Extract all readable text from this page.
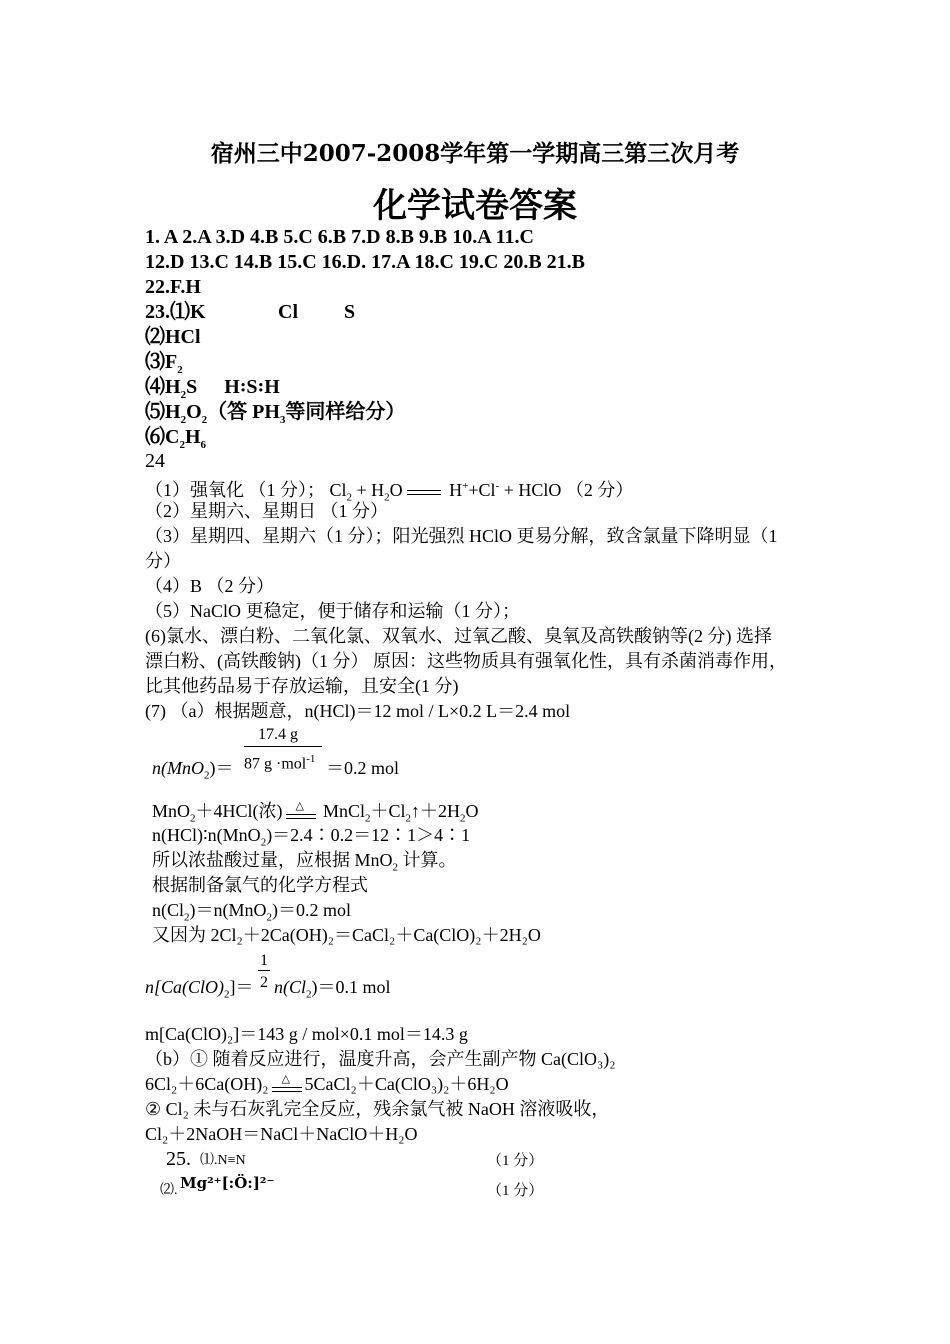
宿州三中2007-2008学年第一学期高三第三次月考
化学试卷答案
1. A 2.A 3.D 4.B 5.C 6.B 7.D 8.B 9.B 10.A 11.C
12.D 13.C 14.B 15.C 16.D. 17.A 18.C 19.C 20.B 21.B
22.F.H
23.⑴K	Cl S
⑵HCl
$⑶F_2$
$⑷H_2S$ H꞉S꞉H
$⑸H_2O_2$（答 $PH_3$等同样给分）
$⑹C_2H_6$
24
（1）强氧化 （1 分）； $Cl_2 + H_2O$ H++Cl- + HClO （2 分）
（2）星期六、星期日 （1 分）
（3）星期四、星期六（1 分）；阳光强烈 HClO 更易分解，致含氯量下降明显（1
分）
（4）B （2 分）
（5）NaClO 更稳定，便于储存和运输（1 分）；
(6)氯水、漂白粉、二氧化氯、双氧水、过氧乙酸、臭氧及高铁酸钠等(2 分) 选择
漂白粉、(高铁酸钠)（1 分） 原因：这些物质具有强氧化性，具有杀菌消毒作用，
比其他药品易于存放运输，且安全(1 分)
(7) （a）根据题意，n(HCl)＝12 mol / L×0.2 L＝2.4 mol
17.4 g
87 g ·mol$^{-1}$
n(MnO$_2$)＝	＝0.2 mol
MnO$_2$＋4HCl(浓) △ $MnCl_2+Cl_2↑+2H_2O$
n(HCl)∶n(MnO$_2$)＝2.4∶0.2＝12∶1＞4∶1
所以浓盐酸过量，应根据 MnO$_2$ 计算。
根据制备氯气的化学方程式
$n(Cl_2)=n(MnO_2)=0.2$ mol
又因为 2Cl₂＋2Ca(OH)₂＝CaCl₂＋Ca(ClO)₂＋2H₂O
1
2
$n[Ca(ClO)_2]= n(Cl_2)=0.1$ mol
m[Ca(ClO)₂]＝143 g / mol×0.1 mol＝14.3 g
（b）① 随着反应进行，温度升高，会产生副产物 Ca(ClO₃)₂
6Cl₂＋6Ca(OH)₂ △ 5CaCl₂＋Ca(ClO₃)₂＋6H₂O
② Cl₂ 未与石灰乳完全反应，残余氯气被 NaOH 溶液吸收，
Cl₂＋2NaOH＝NaCl＋NaClO＋H₂O
25. ⑴.N≡N	（1 分）
⑵. Mg²⁺[:Ö:]²⁻	（1 分）
